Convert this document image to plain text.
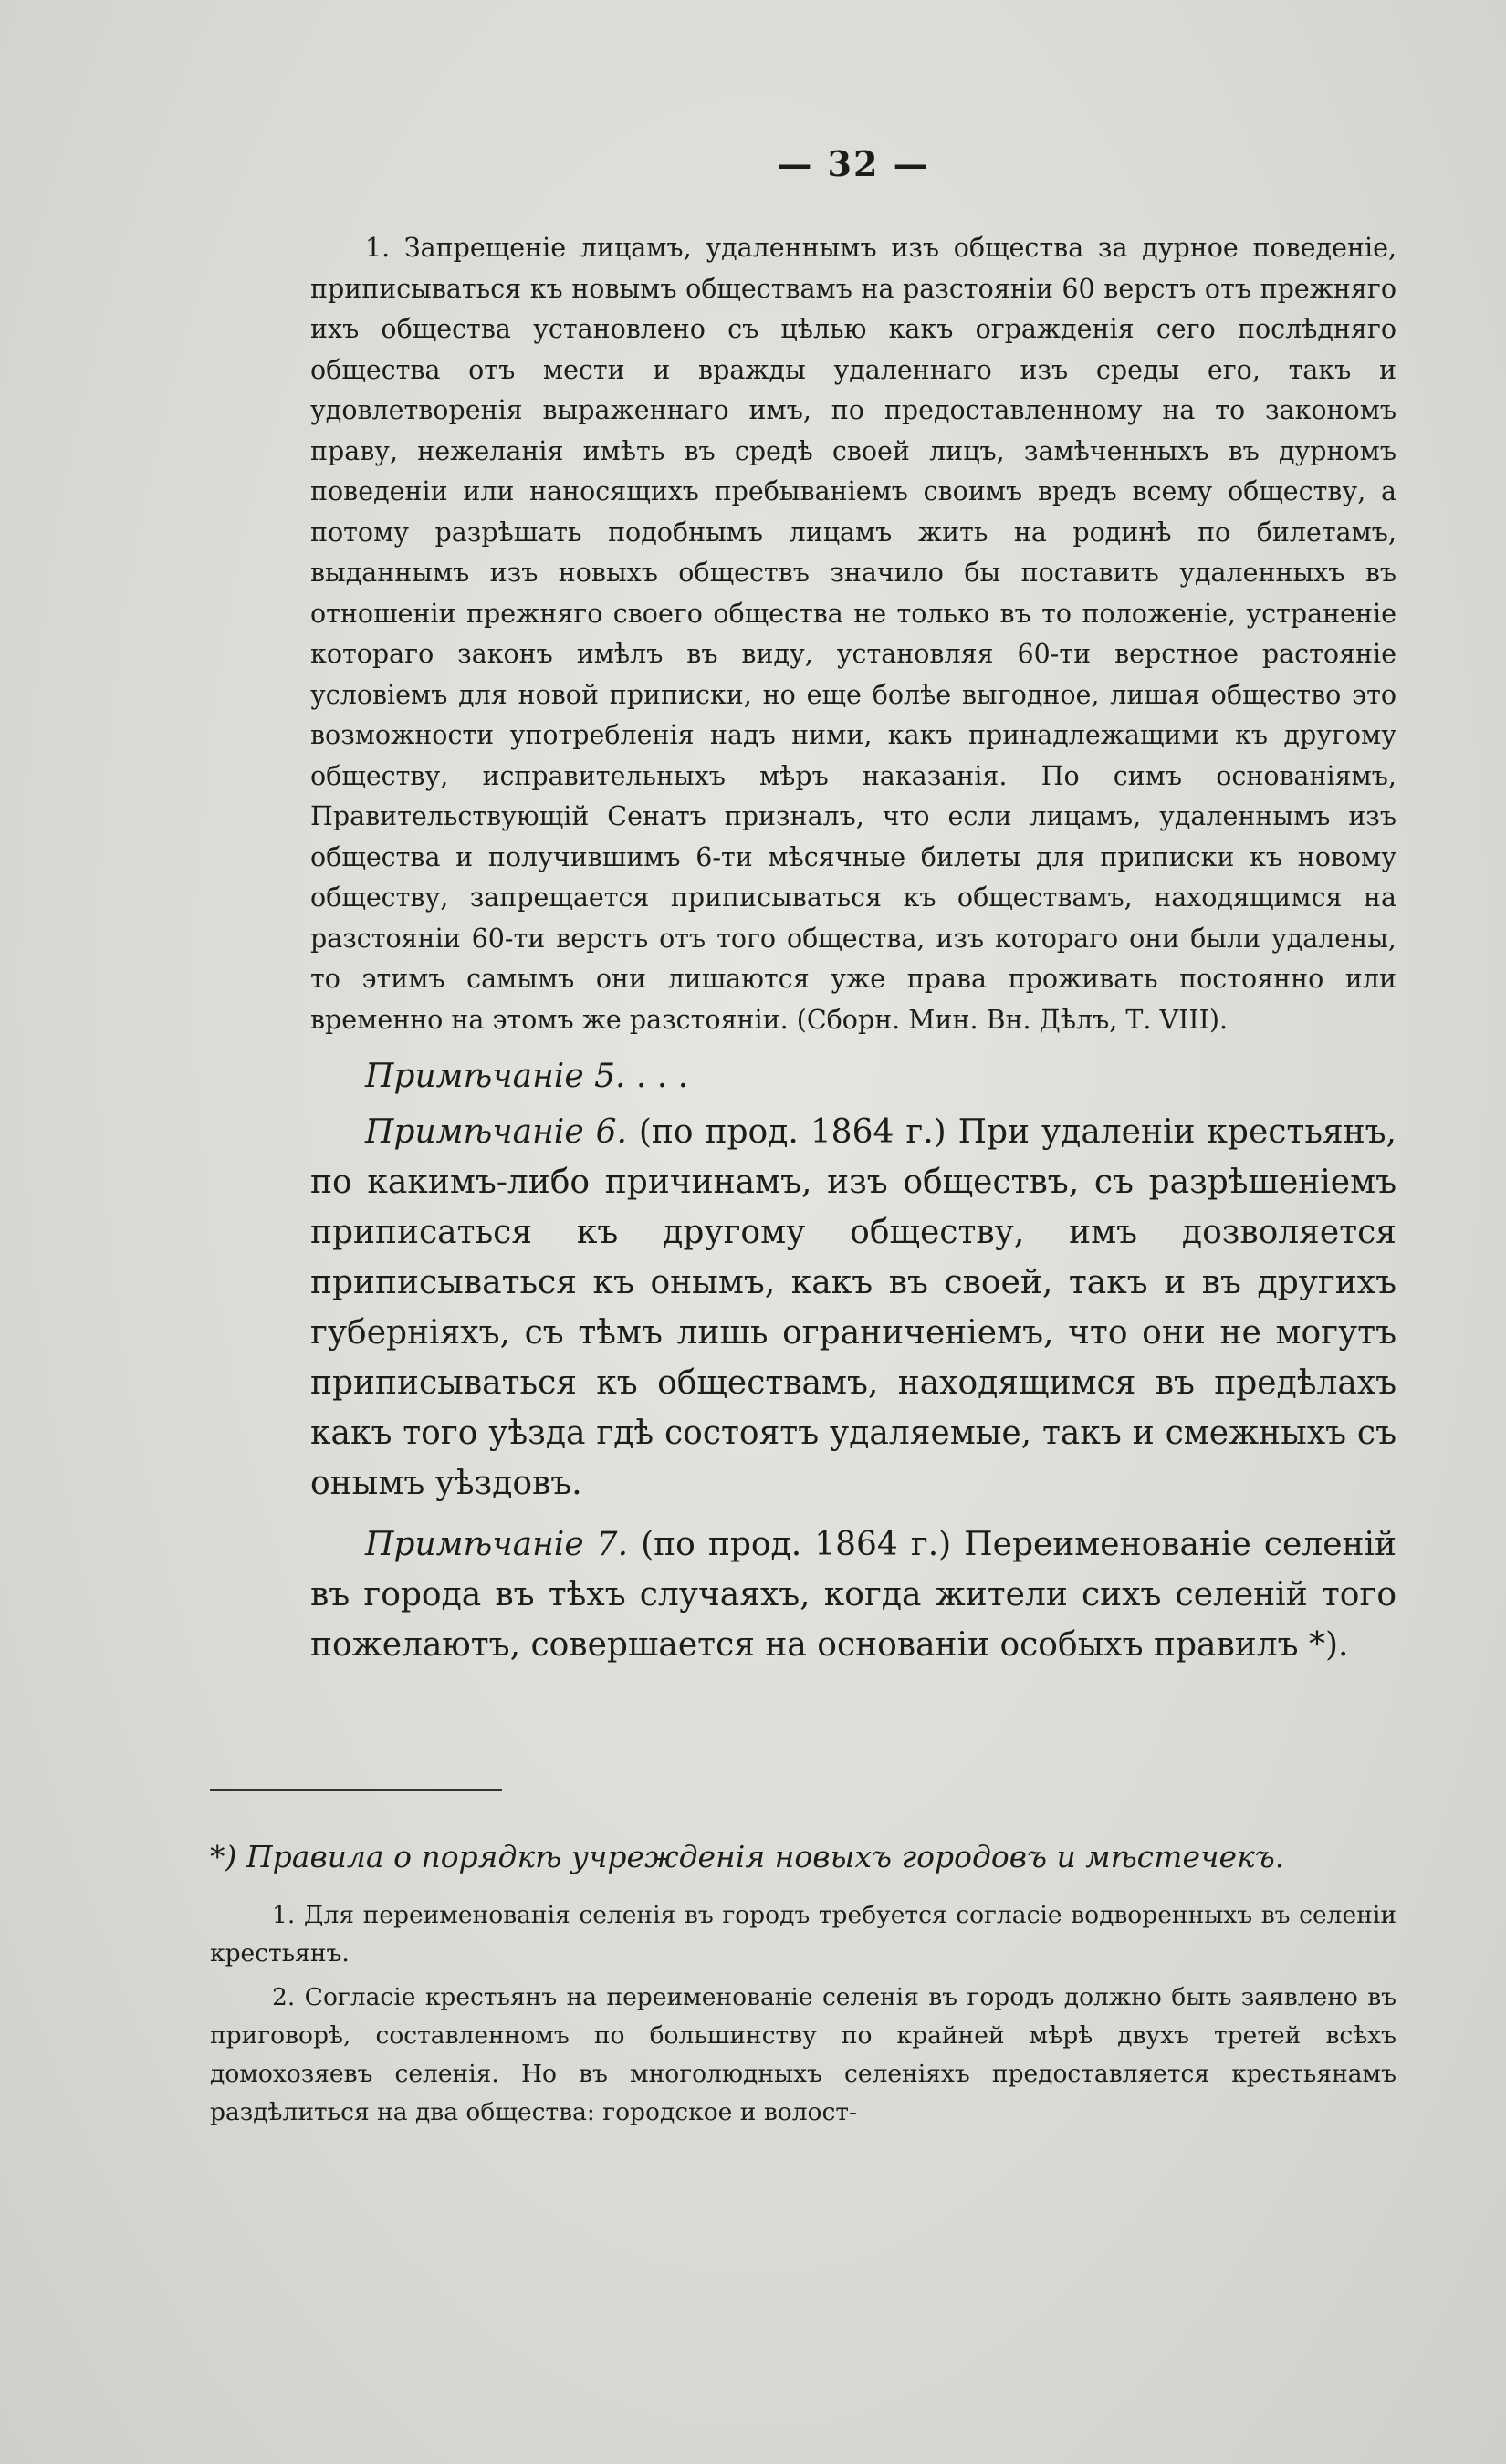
— 32 —

1. Запрещеніе лицамъ, удаленнымъ изъ общества за дурное поведеніе, приписываться къ новымъ обществамъ на разстояніи 60 верстъ отъ прежняго ихъ общества установлено съ цѣлью какъ огражденія сего послѣдняго общества отъ мести и вражды удаленнаго изъ среды его, такъ и удовлетворенія выраженнаго имъ, по предоставленному на то закономъ праву, нежеланія имѣть въ средѣ своей лицъ, замѣченныхъ въ дурномъ поведеніи или наносящихъ пребываніемъ своимъ вредъ всему обществу, а потому разрѣшать подобнымъ лицамъ жить на родинѣ по билетамъ, выданнымъ изъ новыхъ обществъ значило бы поставить удаленныхъ въ отношеніи прежняго своего общества не только въ то положеніе, устраненіе котораго законъ имѣлъ въ виду, установляя 60-ти верстное растояніе условіемъ для новой приписки, но еще болѣе выгодное, лишая общество это возможности употребленія надъ ними, какъ принадлежащими къ другому обществу, исправительныхъ мѣръ наказанія. По симъ основаніямъ, Правительствующій Сенатъ призналъ, что если лицамъ, удаленнымъ изъ общества и получившимъ 6-ти мѣсячные билеты для приписки къ новому обществу, запрещается приписываться къ обществамъ, находящимся на разстояніи 60-ти верстъ отъ того общества, изъ котораго они были удалены, то этимъ самымъ они лишаются уже права проживать постоянно или временно на этомъ же разстояніи. (Сборн. Мин. Вн. Дѣлъ, Т. VIII).

Примѣчаніе 5. . . .

Примѣчаніе 6. (по прод. 1864 г.) При удаленіи крестьянъ, по какимъ-либо причинамъ, изъ обществъ, съ разрѣшеніемъ приписаться къ другому обществу, имъ дозволяется приписываться къ онымъ, какъ въ своей, такъ и въ другихъ губерніяхъ, съ тѣмъ лишь ограниченіемъ, что они не могутъ приписываться къ обществамъ, находящимся въ предѣлахъ какъ того уѣзда гдѣ состоятъ удаляемые, такъ и смежныхъ съ онымъ уѣздовъ.

Примѣчаніе 7. (по прод. 1864 г.) Переименованіе селеній въ города въ тѣхъ случаяхъ, когда жители сихъ селеній того пожелаютъ, совершается на основаніи особыхъ правилъ *).

*) Правила о порядкѣ учрежденія новыхъ городовъ и мѣстечекъ.

1. Для переименованія селенія въ городъ требуется согласіе водворенныхъ въ селеніи крестьянъ.

2. Согласіе крестьянъ на переименованіе селенія въ городъ должно быть заявлено въ приговорѣ, составленномъ по большинству по крайней мѣрѣ двухъ третей всѣхъ домохозяевъ селенія. Но въ многолюдныхъ селеніяхъ предоставляется крестьянамъ раздѣлиться на два общества: городское и волост-
